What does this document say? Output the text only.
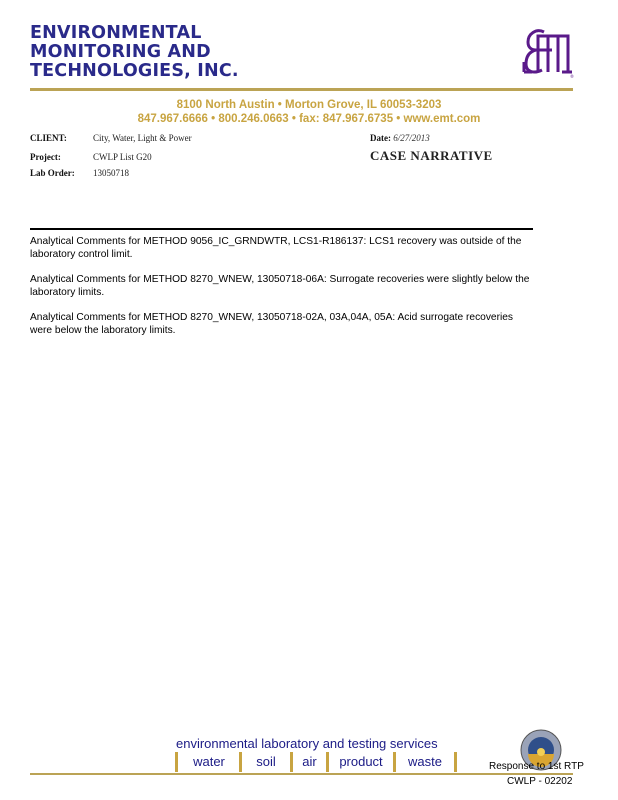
ENVIRONMENTAL
MONITORING AND
TECHNOLOGIES, INC.	®
8100 North Austin • Morton Grove, IL 60053-3203
847.967.6666 • 800.246.0663 • fax: 847.967.6735 • www.emt.com
CLIENT:	City, Water, Light & Power
Project:	CWLP List G20
Lab Order: 13050718
Date: 6/27/2013
CASE NARRATIVE
Analytical Comments for METHOD 9056_IC_GRNDWTR, LCS1-R186137: LCS1 recovery was outside of the laboratory control limit.
Analytical Comments for METHOD 8270_WNEW, 13050718-06A: Surrogate recoveries were slightly below the laboratory limits.
Analytical Comments for METHOD 8270_WNEW, 13050718-02A, 03A,04A, 05A: Acid surrogate recoveries were below the laboratory limits.
environmental laboratory and testing services
water	soil	air	product	waste	Response to 1st RTP
CWLP - 02202
